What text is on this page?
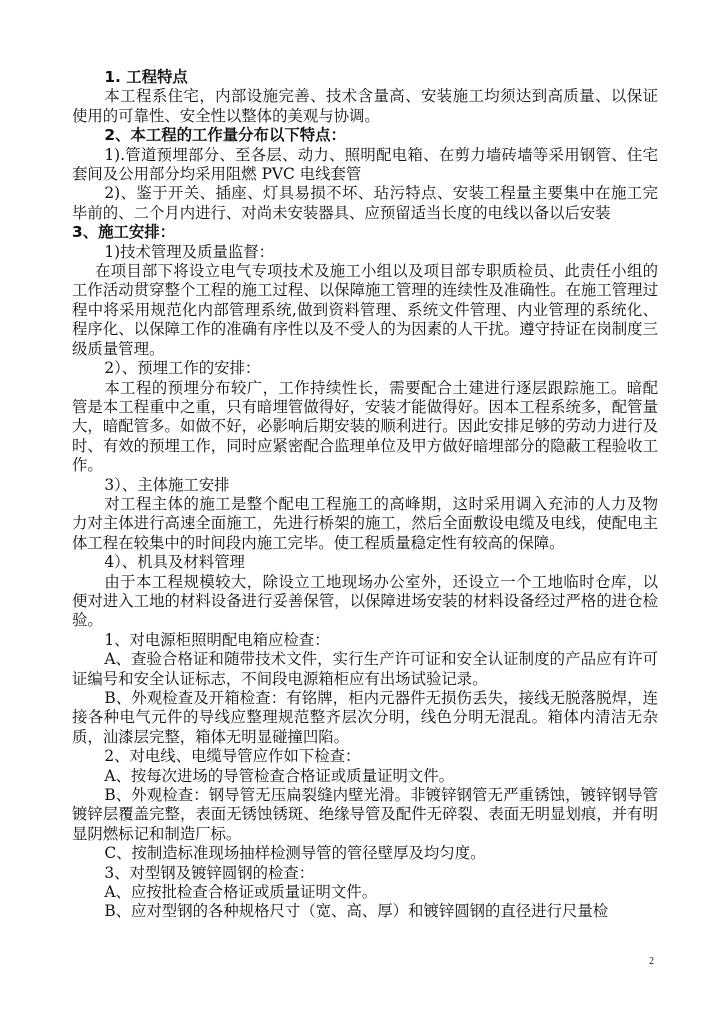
1. 工程特点

本工程系住宅，内部设施完善、技术含量高、安装施工均须达到高质量、以保证使用的可靠性、安全性以整体的美观与协调。

2、本工程的工作量分布以下特点：

1).管道预埋部分、至各层、动力、照明配电箱、在剪力墙砖墙等采用钢管、住宅套间及公用部分均采用阻燃 PVC 电线套管

2)、鉴于开关、插座、灯具易损不坏、玷污特点、安装工程量主要集中在施工完毕前的、二个月内进行、对尚未安装器具、应预留适当长度的电线以备以后安装

3、施工安排：

1)技术管理及质量监督：

在项目部下将设立电气专项技术及施工小组以及项目部专职质检员、此责任小组的工作活动贯穿整个工程的施工过程、以保障施工管理的连续性及准确性。在施工管理过程中将采用规范化内部管理系统,做到资料管理、系统文件管理、内业管理的系统化、程序化、以保障工作的准确有序性以及不受人的为因素的人干扰。遵守持证在岗制度三级质量管理。

2）、预埋工作的安排：

本工程的预埋分布较广，工作持续性长，需要配合土建进行逐层跟踪施工。暗配管是本工程重中之重，只有暗埋管做得好，安装才能做得好。因本工程系统多，配管量大，暗配管多。如做不好，必影响后期安装的顺利进行。因此安排足够的劳动力进行及时、有效的预埋工作，同时应紧密配合监理单位及甲方做好暗埋部分的隐蔽工程验收工作。

3）、主体施工安排

对工程主体的施工是整个配电工程施工的高峰期，这时采用调入充沛的人力及物力对主体进行高速全面施工，先进行桥架的施工，然后全面敷设电缆及电线，使配电主体工程在较集中的时间段内施工完毕。使工程质量稳定性有较高的保障。

4）、机具及材料管理

由于本工程规模较大，除设立工地现场办公室外，还设立一个工地临时仓库，以便对进入工地的材料设备进行妥善保管，以保障进场安装的材料设备经过严格的进仓检验。

1、对电源柜照明配电箱应检查：

A、查验合格证和随带技术文件，实行生产许可证和安全认证制度的产品应有许可证编号和安全认证标志，不间段电源箱柜应有出场试验记录。

B、外观检查及开箱检查：有铭牌，柜内元器件无损伤丢失，接线无脱落脱焊，连接各种电气元件的导线应整理规范整齐层次分明，线色分明无混乱。箱体内清洁无杂质，汕漆层完整，箱体无明显碰撞凹陷。

2、对电线、电缆导管应作如下检查：

A、按每次进场的导管检查合格证或质量证明文件。

B、外观检查：钢导管无压扁裂缝内壁光滑。非镀锌钢管无严重锈蚀，镀锌钢导管镀锌层覆盖完整，表面无锈蚀锈斑、绝缘导管及配件无碎裂、表面无明显划痕，并有明显阴燃标记和制造厂标。

C、按制造标准现场抽样检测导管的管径壁厚及均匀度。

3、对型钢及镀锌圆钢的检查：

A、应按批检查合格证或质量证明文件。

B、应对型钢的各种规格尺寸（宽、高、厚）和镀锌圆钢的直径进行尺量检

2
